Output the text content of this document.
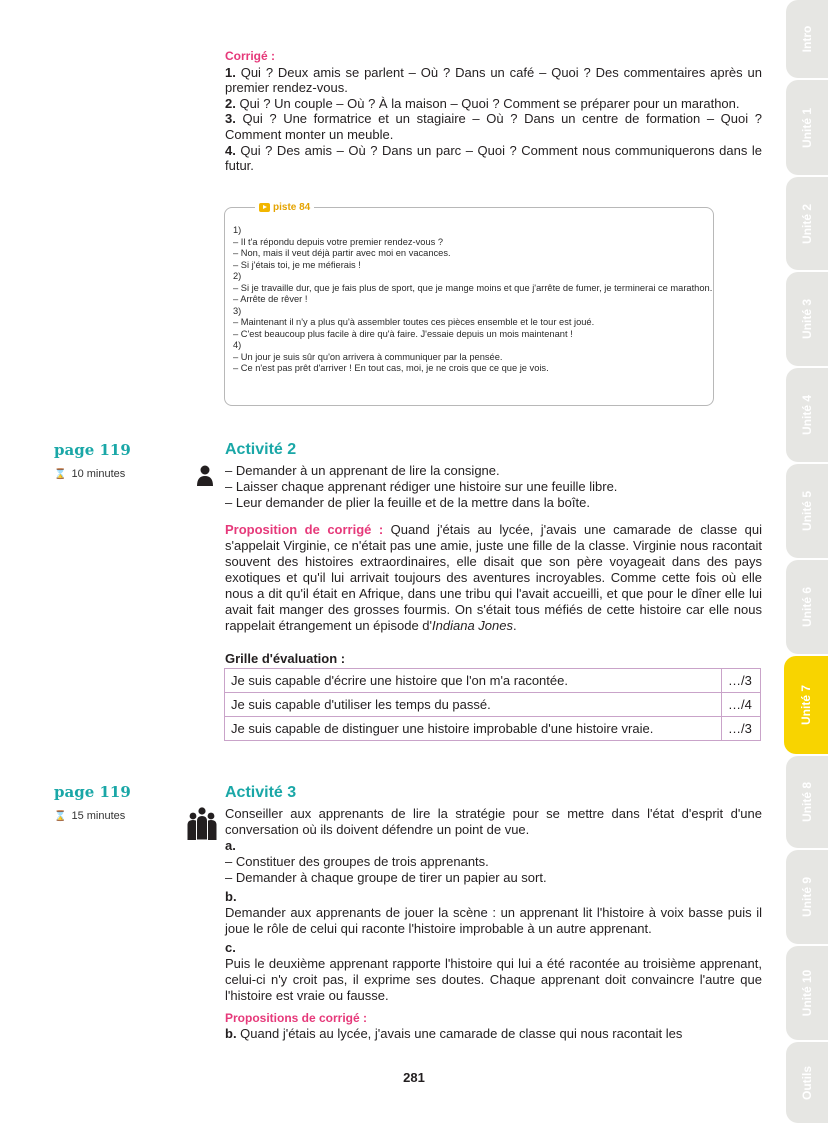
Corrigé :
1. Qui ? Deux amis se parlent – Où ? Dans un café – Quoi ? Des commentaires après un premier rendez-vous.
2. Qui ? Un couple – Où ? À la maison – Quoi ? Comment se préparer pour un marathon.
3. Qui ? Une formatrice et un stagiaire – Où ? Dans un centre de formation – Quoi ? Comment monter un meuble.
4. Qui ? Des amis – Où ? Dans un parc – Quoi ? Comment nous communiquerons dans le futur.
piste 84
1)
– Il t'a répondu depuis votre premier rendez-vous ?
– Non, mais il veut déjà partir avec moi en vacances.
– Si j'étais toi, je me méfierais !
2)
– Si je travaille dur, que je fais plus de sport, que je mange moins et que j'arrête de fumer, je terminerai ce marathon.
– Arrête de rêver !
3)
– Maintenant il n'y a plus qu'à assembler toutes ces pièces ensemble et le tour est joué.
– C'est beaucoup plus facile à dire qu'à faire. J'essaie depuis un mois maintenant !
4)
– Un jour je suis sûr qu'on arrivera à communiquer par la pensée.
– Ce n'est pas prêt d'arriver ! En tout cas, moi, je ne crois que ce que je vois.
page 119
⌛ 10 minutes
Activité 2
– Demander à un apprenant de lire la consigne.
– Laisser chaque apprenant rédiger une histoire sur une feuille libre.
– Leur demander de plier la feuille et de la mettre dans la boîte.
Proposition de corrigé : Quand j'étais au lycée, j'avais une camarade de classe qui s'appelait Virginie, ce n'était pas une amie, juste une fille de la classe. Virginie nous racontait souvent des histoires extraordinaires, elle disait que son père voyageait dans des pays exotiques et qu'il lui arrivait toujours des aventures incroyables. Comme cette fois où elle nous a dit qu'il était en Afrique, dans une tribu qui l'avait accueilli, et que pour le dîner elle lui avait fait manger des grosses fourmis. On s'était tous méfiés de cette histoire car elle nous rappelait étrangement un épisode d'Indiana Jones.
Grille d'évaluation :
Je suis capable d'écrire une histoire que l'on m'a racontée.	…/3
Je suis capable d'utiliser les temps du passé.	…/4
Je suis capable de distinguer une histoire improbable d'une histoire vraie.	…/3
page 119
⌛ 15 minutes
Activité 3
Conseiller aux apprenants de lire la stratégie pour se mettre dans l'état d'esprit d'une conversation où ils doivent défendre un point de vue.
a.
– Constituer des groupes de trois apprenants.
– Demander à chaque groupe de tirer un papier au sort.
b.
Demander aux apprenants de jouer la scène : un apprenant lit l'histoire à voix basse puis il joue le rôle de celui qui raconte l'histoire improbable à un autre apprenant.
c.
Puis le deuxième apprenant rapporte l'histoire qui lui a été racontée au troisième apprenant, celui-ci n'y croit pas, il exprime ses doutes. Chaque apprenant doit convaincre l'autre que l'histoire est vraie ou fausse.
Propositions de corrigé :
b. Quand j'étais au lycée, j'avais une camarade de classe qui nous racontait les
281
Intro
Unité 1
Unité 2
Unité 3
Unité 4
Unité 5
Unité 6
Unité 7
Unité 8
Unité 9
Unité 10
Outils
